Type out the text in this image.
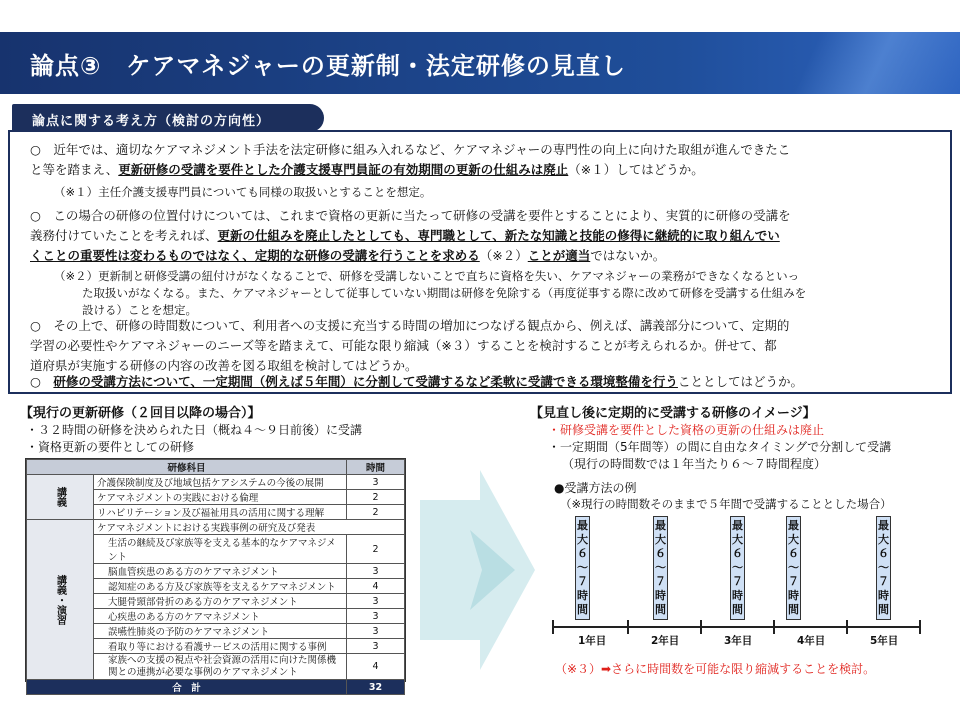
論点③　ケアマネジャーの更新制・法定研修の見直し
論点に関する考え方（検討の方向性）
○　近年では、適切なケアマネジメント手法を法定研修に組み入れるなど、ケアマネジャーの専門性の向上に向けた取組が進んできたこ
と等を踏まえ、更新研修の受講を要件とした介護支援専門員証の有効期間の更新の仕組みは廃止（※１）してはどうか。
（※１）主任介護支援専門員についても同様の取扱いとすることを想定。
○　この場合の研修の位置付けについては、これまで資格の更新に当たって研修の受講を要件とすることにより、実質的に研修の受講を
義務付けていたことを考えれば、更新の仕組みを廃止したとしても、専門職として、新たな知識と技能の修得に継続的に取り組んでい
くことの重要性は変わるものではなく、定期的な研修の受講を行うことを求める（※２）ことが適当ではないか。
（※２）更新制と研修受講の紐付けがなくなることで、研修を受講しないことで直ちに資格を失い、ケアマネジャーの業務ができなくなるといっ
た取扱いがなくなる。また、ケアマネジャーとして従事していない期間は研修を免除する（再度従事する際に改めて研修を受講する仕組みを
設ける）ことを想定。
○　その上で、研修の時間数について、利用者への支援に充当する時間の増加につなげる観点から、例えば、講義部分について、定期的
学習の必要性やケアマネジャーのニーズ等を踏まえて、可能な限り縮減（※３）することを検討することが考えられるか。併せて、都
道府県が実施する研修の内容の改善を図る取組を検討してはどうか。
○　研修の受講方法について、一定期間（例えば５年間）に分割して受講するなど柔軟に受講できる環境整備を行うこととしてはどうか。
【現行の更新研修（２回目以降の場合）】
・３２時間の研修を決められた日（概ね４～９日前後）に受講
・資格更新の要件としての研修
研修科目		時間
講義	介護保険制度及び地域包括ケアシステムの今後の展開	3
	ケアマネジメントの実践における倫理	2
	リハビリテーション及び福祉用具の活用に関する理解	2
講義・演習	ケアマネジメントにおける実践事例の研究及び発表	
	生活の継続及び家族等を支える基本的なケアマネジメント	2
	脳血管疾患のある方のケアマネジメント	3
	認知症のある方及び家族等を支えるケアマネジメント	4
	大腿骨頸部骨折のある方のケアマネジメント	3
	心疾患のある方のケアマネジメント	3
	誤嚥性肺炎の予防のケアマネジメント	3
	看取り等における看護サービスの活用に関する事例	3
	家族への支援の視点や社会資源の活用に向けた関係機関との連携が必要な事例のケアマネジメント	4
合　計		32
【見直し後に定期的に受講する研修のイメージ】
・研修受講を要件とした資格の更新の仕組みは廃止
・一定期間（5年間等）の間に自由なタイミングで分割して受講
（現行の時間数では１年当たり６～７時間程度）
●受講方法の例
（※現行の時間数そのままで５年間で受講することとした場合）
最
大
６
～
７
時
間
最
大
６
～
７
時
間
最
大
６
～
７
時
間
最
大
６
～
７
時
間
最
大
６
～
７
時
間
1年目	2年目	3年目	4年目	5年目
（※３）➡さらに時間数を可能な限り縮減することを検討。
